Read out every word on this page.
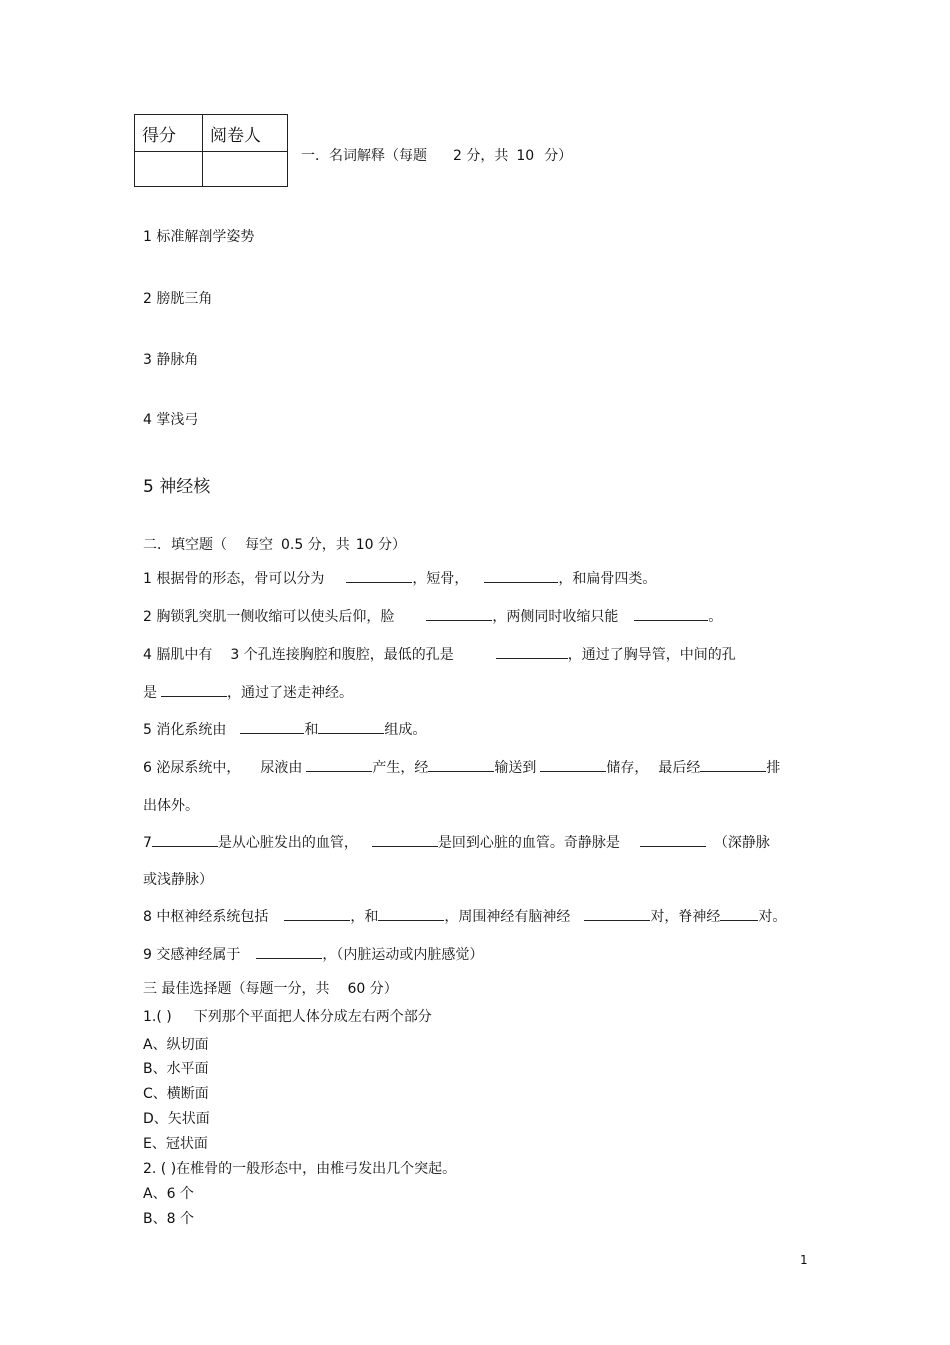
得分	阅卷人

一．名词解释（每题 2 分，共 10 分）
1 标准解剖学姿势
2 膀胱三角
3 静脉角
4 掌浅弓
5 神经核
二．填空题（ 每空 0.5 分，共 10 分）
1 根据骨的形态，骨可以分为	，短骨，	，和扁骨四类。
2 胸锁乳突肌一侧收缩可以使头后仰，脸	，两侧同时收缩只能	。
4 膈肌中有 3 个孔连接胸腔和腹腔，最低的孔是	，通过了胸导管，中间的孔
是	，通过了迷走神经。
5 消化系统由	和	组成。
6 泌尿系统中， 尿液由	产生，经	输送到	储存， 最后经	排
出体外。
7	是从心脏发出的血管，	是回到心脏的血管。奇静脉是	（深静脉
或浅静脉）
8 中枢神经系统包括	，和	，周围神经有脑神经	对，脊神经	对。
9 交感神经属于	，（内脏运动或内脏感觉）
三 最佳选择题（每题一分，共 60 分）
1.( ) 下列那个平面把人体分成左右两个部分
A、纵切面
B、水平面
C、横断面
D、矢状面
E、冠状面
2. ( )在椎骨的一般形态中，由椎弓发出几个突起。
A、6 个
B、8 个
1
